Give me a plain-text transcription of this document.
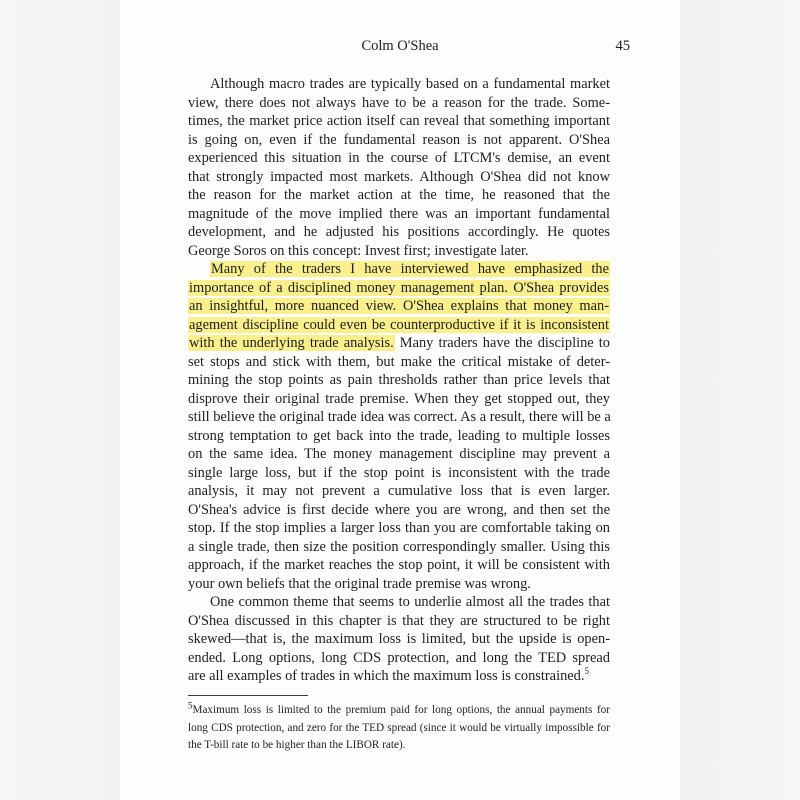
Colm O'Shea	45
Although macro trades are typically based on a fundamental market
view, there does not always have to be a reason for the trade. Some-
times, the market price action itself can reveal that something important
is going on, even if the fundamental reason is not apparent. O'Shea
experienced this situation in the course of LTCM's demise, an event
that strongly impacted most markets. Although O'Shea did not know
the reason for the market action at the time, he reasoned that the
magnitude of the move implied there was an important fundamental
development, and he adjusted his positions accordingly. He quotes
George Soros on this concept: Invest first; investigate later.
Many of the traders I have interviewed have emphasized the
importance of a disciplined money management plan. O'Shea provides
an insightful, more nuanced view. O'Shea explains that money man-
agement discipline could even be counterproductive if it is inconsistent
with the underlying trade analysis. Many traders have the discipline to
set stops and stick with them, but make the critical mistake of deter-
mining the stop points as pain thresholds rather than price levels that
disprove their original trade premise. When they get stopped out, they
still believe the original trade idea was correct. As a result, there will be a
strong temptation to get back into the trade, leading to multiple losses
on the same idea. The money management discipline may prevent a
single large loss, but if the stop point is inconsistent with the trade
analysis, it may not prevent a cumulative loss that is even larger.
O'Shea's advice is first decide where you are wrong, and then set the
stop. If the stop implies a larger loss than you are comfortable taking on
a single trade, then size the position correspondingly smaller. Using this
approach, if the market reaches the stop point, it will be consistent with
your own beliefs that the original trade premise was wrong.
One common theme that seems to underlie almost all the trades that
O'Shea discussed in this chapter is that they are structured to be right
skewed—that is, the maximum loss is limited, but the upside is open-
ended. Long options, long CDS protection, and long the TED spread
are all examples of trades in which the maximum loss is constrained.$^5$
$^5$Maximum loss is limited to the premium paid for long options, the annual payments for
long CDS protection, and zero for the TED spread (since it would be virtually impossible for
the T-bill rate to be higher than the LIBOR rate).
